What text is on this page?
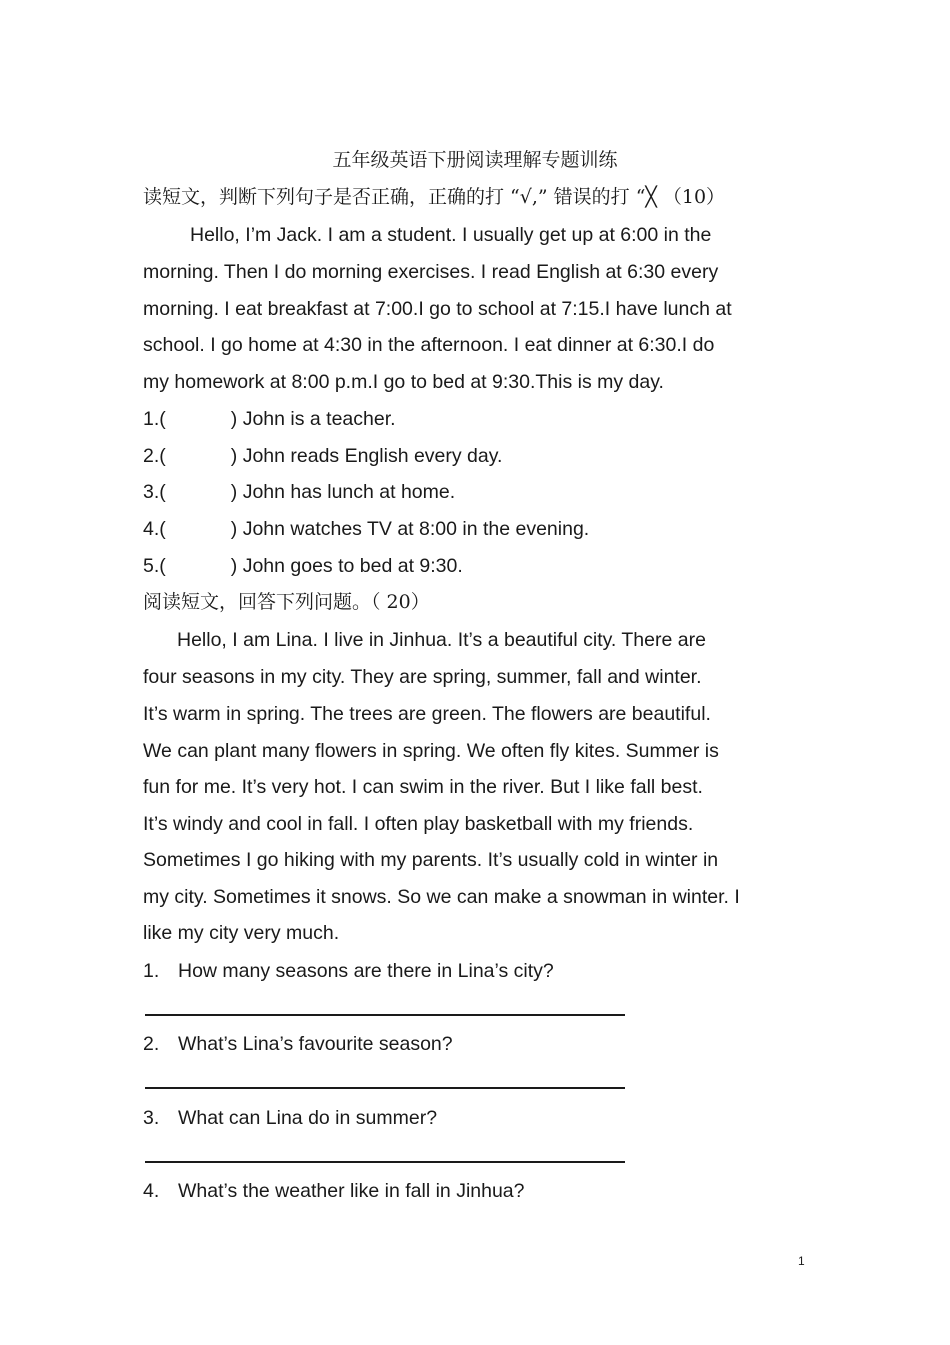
五年级英语下册阅读理解专题训练
读短文，判断下列句子是否正确，正确的打 “√,” 错误的打 “╳ （10）
Hello, I’m Jack. I am a student. I usually get up at 6:00 in the
morning. Then I do morning exercises. I read English at 6:30 every
morning. I eat breakfast at 7:00.I go to school at 7:15.I have lunch at
school. I go home at 4:30 in the afternoon. I eat dinner at 6:30.I do
my homework at 8:00 p.m.I go to bed at 9:30.This is my day.
1.(	) John is a teacher.
2.(	) John reads English every day.
3.(	) John has lunch at home.
4.(	) John watches TV at 8:00 in the evening.
5.(	) John goes to bed at 9:30.
阅读短文，回答下列问题。（ 20）
Hello, I am Lina. I live in Jinhua. It’s a beautiful city. There are
four seasons in my city. They are spring, summer, fall and winter.
It’s warm in spring. The trees are green. The flowers are beautiful.
We can plant many flowers in spring. We often fly kites. Summer is
fun for me. It’s very hot. I can swim in the river. But I like fall best.
It’s windy and cool in fall. I often play basketball with my friends.
Sometimes I go hiking with my parents. It’s usually cold in winter in
my city. Sometimes it snows. So we can make a snowman in winter. I
like my city very much.
1. How many seasons are there in Lina’s city?
2. What’s Lina’s favourite season?
3. What can Lina do in summer?
4. What’s the weather like in fall in Jinhua?
1
